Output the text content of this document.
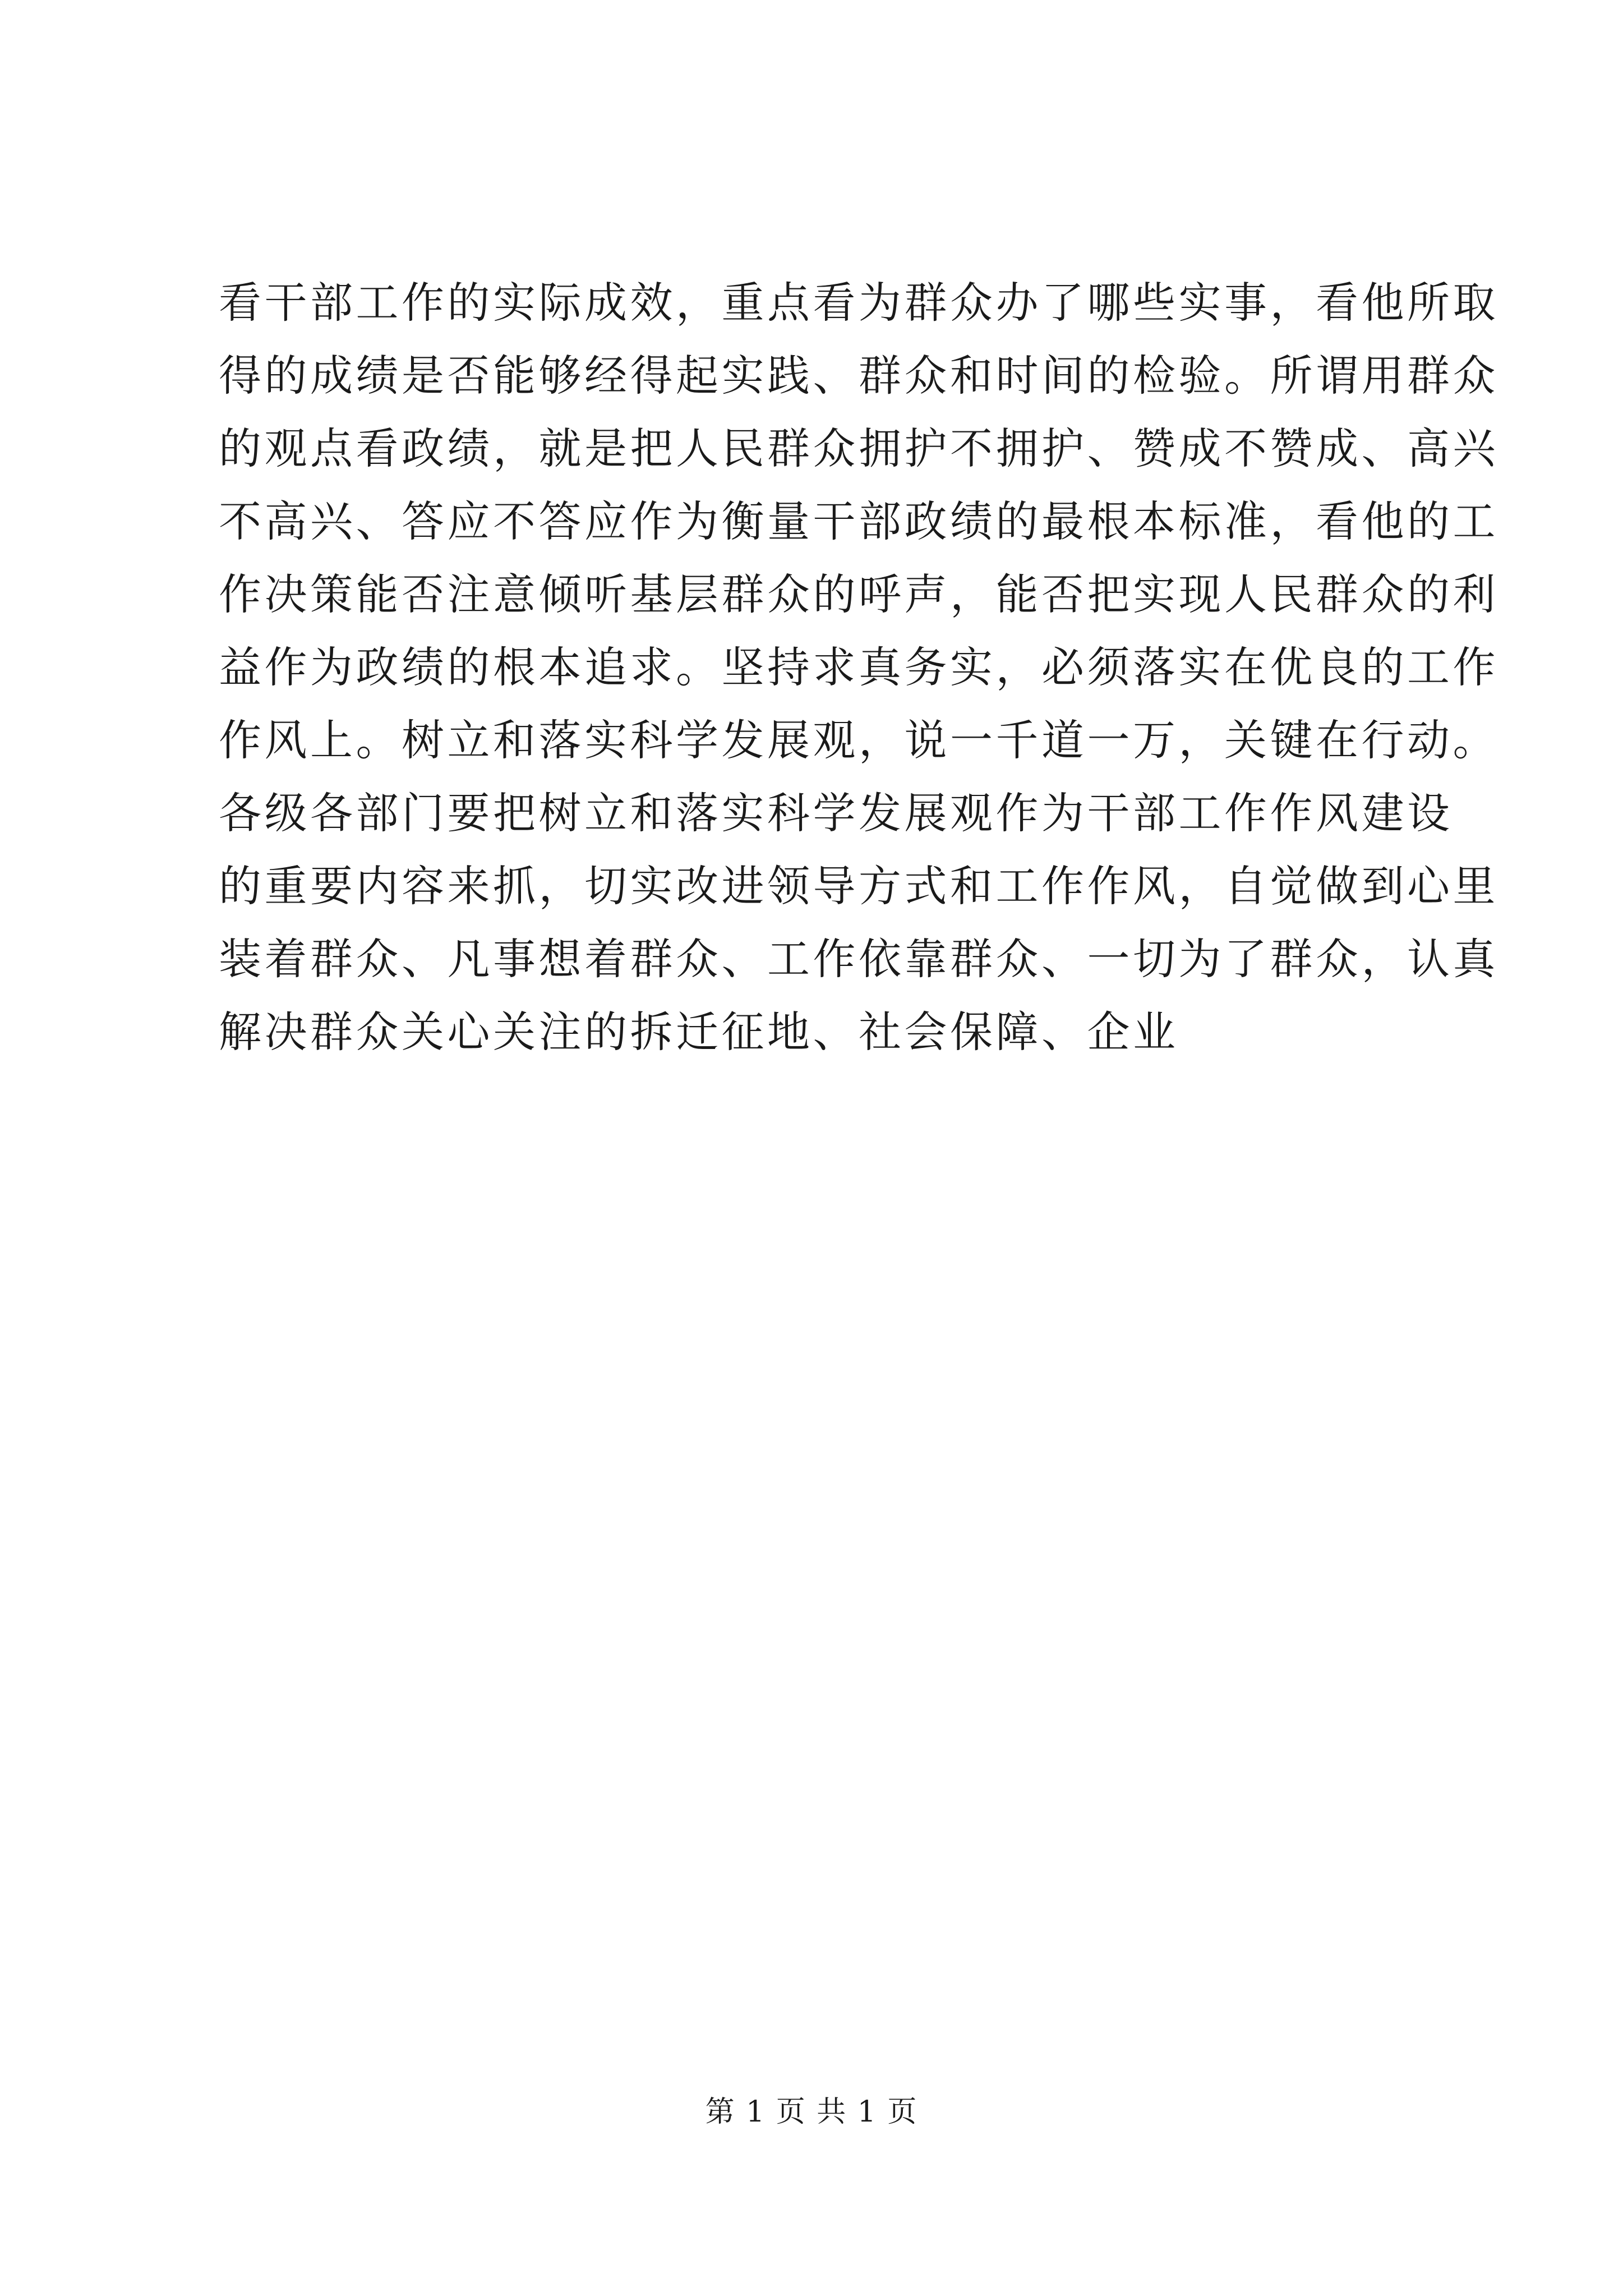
看干部工作的实际成效，重点看为群众办了哪些实事，看他所取
得的成绩是否能够经得起实践、群众和时间的检验。所谓用群众
的观点看政绩，就是把人民群众拥护不拥护、赞成不赞成、高兴
不高兴、答应不答应作为衡量干部政绩的最根本标准，看他的工
作决策能否注意倾听基层群众的呼声，能否把实现人民群众的利
益作为政绩的根本追求。坚持求真务实，必须落实在优良的工作
作风上。树立和落实科学发展观，说一千道一万，关键在行动。
各级各部门要把树立和落实科学发展观作为干部工作作风建设
的重要内容来抓，切实改进领导方式和工作作风，自觉做到心里
装着群众、凡事想着群众、工作依靠群众、一切为了群众，认真
解决群众关心关注的拆迁征地、社会保障、企业
第 1 页 共 1 页
